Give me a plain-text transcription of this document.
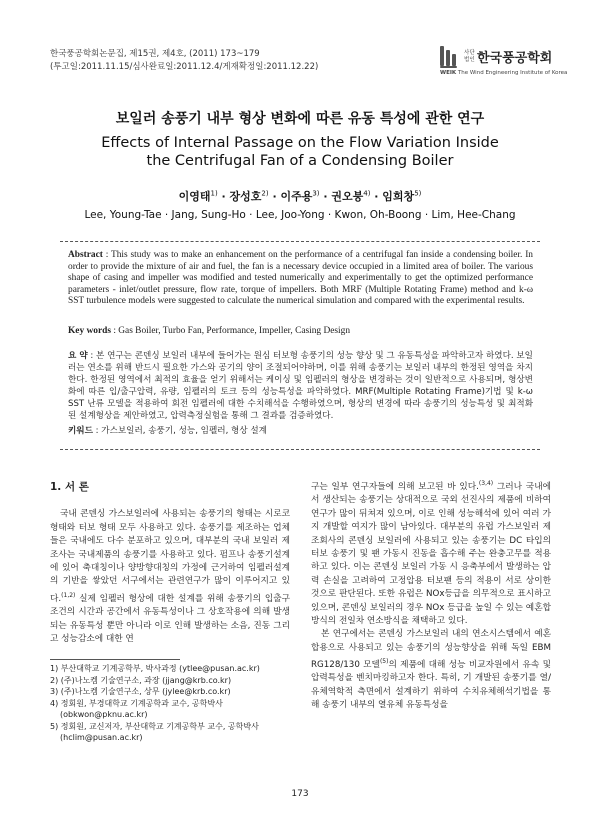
한국풍공학회논문집, 제15권, 제4호, (2011) 173~179
(투고일:2011.11.15/심사완료일:2011.12.4/게재확정일:2011.12.22)
사단
법인 한국풍공학회
WEIK The Wind Engineering Institute of Korea
보일러 송풍기 내부 형상 변화에 따른 유동 특성에 관한 연구
Effects of Internal Passage on the Flow Variation Inside
the Centrifugal Fan of a Condensing Boiler
이영태$^{1)}$ · 장성호$^{2)}$ · 이주용$^{3)}$ · 권오붕$^{4)}$ · 임희창$^{5)}$
Lee, Young-Tae · Jang, Sung-Ho · Lee, Joo-Yong · Kwon, Oh-Boong · Lim, Hee-Chang
Abstract : This study was to make an enhancement on the performance of a centrifugal fan inside a condensing boiler. In order to provide the mixture of air and fuel, the fan is a necessary device occupied in a limited area of boiler. The various shape of casing and impeller was modified and tested numerically and experimentally to get the optimized performance parameters - inlet/outlet pressure, flow rate, torque of impellers. Both MRF (Multiple Rotating Frame) method and k-ω SST turbulence models were suggested to calculate the numerical simulation and compared with the experimental results.
Key words : Gas Boiler, Turbo Fan, Performance, Impeller, Casing Design
요 약 : 본 연구는 콘덴싱 보일러 내부에 들어가는 원심 터보형 송풍기의 성능 향상 및 그 유동특성을 파악하고자 하였다. 보일러는 연소를 위해 반드시 필요한 가스와 공기의 양이 조절되어야하며, 이를 위해 송풍기는 보일러 내부의 한정된 영역을 차지한다. 한정된 영역에서 최적의 효율을 얻기 위해서는 케이싱 및 임펠러의 형상을 변경하는 것이 일반적으로 사용되며, 형상변화에 따른 입/출구압력, 유량, 임펠러의 토크 등의 성능특성을 파악하였다. MRF(Multiple Rotating Frame)기법 및 k-ω SST 난류 모델을 적용하여 회전 임펠러에 대한 수치해석을 수행하였으며, 형상의 변경에 따라 송풍기의 성능특성 및 최적화된 설계형상을 제안하였고, 압력측정실험을 통해 그 결과를 검증하였다.
키워드 : 가스보일러, 송풍기, 성능, 임펠러, 형상 설계

1. 서 론

국내 콘덴싱 가스보일러에 사용되는 송풍기의 형태는 시로코 형태와 터보 형태 모두 사용하고 있다. 송풍기를 제조하는 업체들은 국내에도 다수 분포하고 있으며, 대부분의 국내 보일러 제조사는 국내제품의 송풍기를 사용하고 있다. 펌프나 송풍기설계에 있어 축대칭이나 양방향대칭의 가정에 근거하여 임펠러설계의 기반을 쌓았던 서구에서는 관련연구가 많이 이루어지고 있다.$^{(1,2)}$ 실제 임펠러 형상에 대한 설계를 위해 송풍기의 입출구조건의 시간과 공간에서 유동특성이나 그 상호작용에 의해 발생되는 유동특성 뿐만 아니라 이로 인해 발생하는 소음, 진동 그리고 성능감소에 대한 연

구는 일부 연구자들에 의해 보고된 바 있다.$^{(3,4)}$ 그러나 국내에서 생산되는 송풍기는 상대적으로 국외 선진사의 제품에 비하여 연구가 많이 뒤쳐져 있으며, 이로 인해 성능해석에 있어 여러 가지 개발할 여지가 많이 남아있다. 대부분의 유럽 가스보일러 제조회사의 콘덴싱 보일러에 사용되고 있는 송풍기는 DC 타입의 터보 송풍기 및 팬 가동시 진동을 흡수해 주는 완충고무를 적용하고 있다. 이는 콘덴싱 보일러 가동 시 응축부에서 발생하는 압력 손실을 고려하여 고정압용 터보팬 등의 적용이 서로 상이한 것으로 판단된다. 또한 유럽은 NOx등급을 의무적으로 표시하고 있으며, 콘덴싱 보일러의 경우 NOx 등급을 높일 수 있는 예혼합 방식의 전일차 연소방식을 채택하고 있다.

본 연구에서는 콘덴싱 가스보일러 내의 연소시스템에서 예혼합용으로 사용되고 있는 송풍기의 성능향상을 위해 독일 EBM RG128/130 모델$^{(5)}$의 제품에 대해 성능 비교자원에서 유속 및 압력특성을 벤치마킹하고자 한다. 특히, 기 개발된 송풍기를 열/유체역학적 측면에서 설계하기 위하여 수치유체해석기법을 통해 송풍기 내부의 열유체 유동특성을

1) 부산대학교 기계공학부, 박사과정 (ytlee@pusan.ac.kr)
2) (주)나노켐 기술연구소, 과장 (jjang@krb.co.kr)
3) (주)나노켐 기술연구소, 상무 (jylee@krb.co.kr)
4) 정회원, 부경대학교 기계공학과 교수, 공학박사
(obkwon@pknu.ac.kr)
5) 정회원, 교신저자, 부산대학교 기계공학부 교수, 공학박사
(hclim@pusan.ac.kr)
173
